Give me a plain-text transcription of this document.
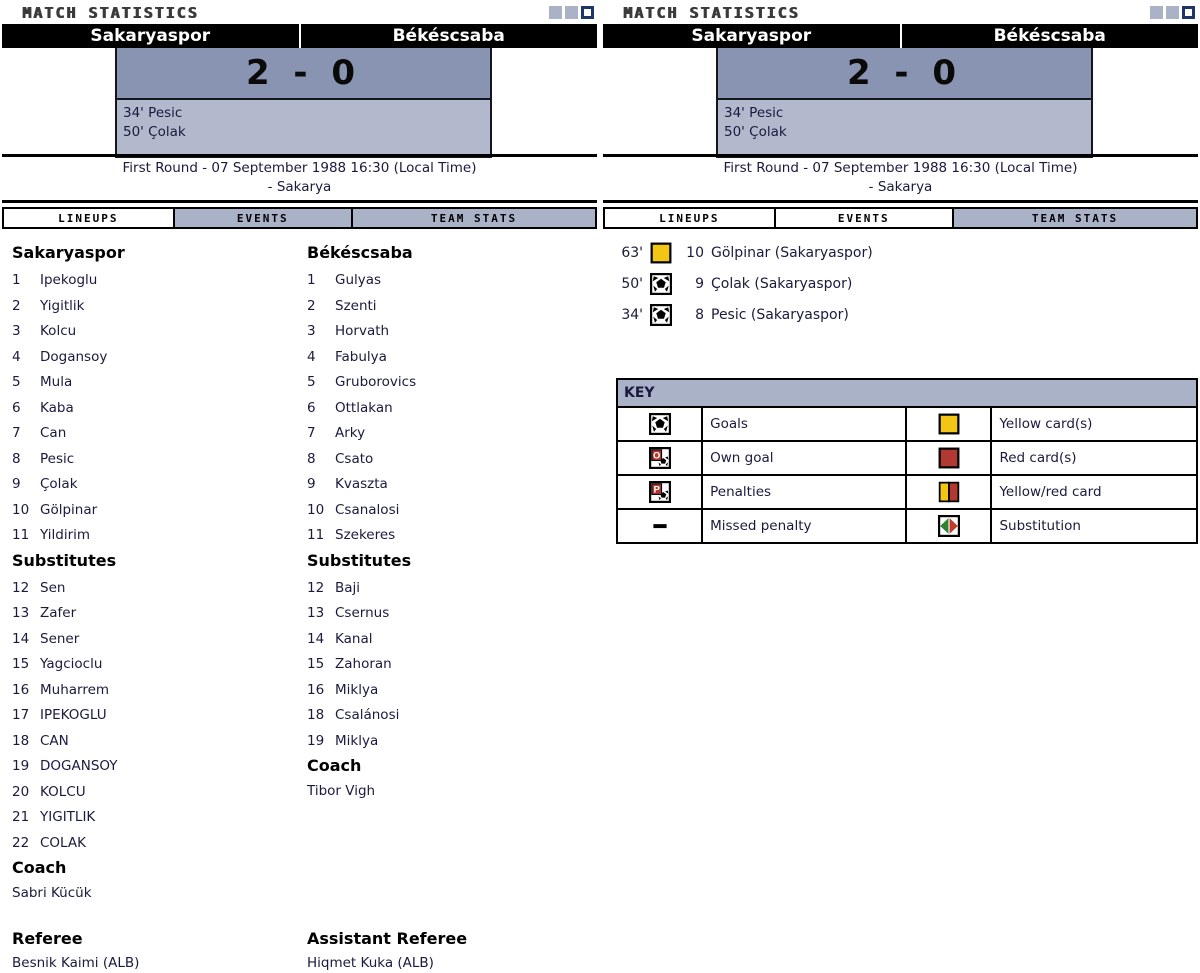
MATCH STATISTICS
Sakaryaspor	Békéscsaba
2 - 0
34' Pesic
50' Çolak
First Round - 07 September 1988 16:30 (Local Time)
- Sakarya
LINEUPS	EVENTS	TEAM STATS
Sakaryaspor
1	Ipekoglu
2	Yigitlik
3	Kolcu
4	Dogansoy
5	Mula
6	Kaba
7	Can
8	Pesic
9	Çolak
10 Gölpinar
11 Yildirim
Substitutes
12 Sen
13 Zafer
14 Sener
15 Yagcioclu
16 Muharrem
17 IPEKOGLU
18 CAN
19 DOGANSOY
20 KOLCU
21 YIGITLIK
22 COLAK
Coach
Sabri Kücük
Békéscsaba
1	Gulyas
2	Szenti
3	Horvath
4	Fabulya
5	Gruborovics
6	Ottlakan
7	Arky
8	Csato
9	Kvaszta
10 Csanalosi
11 Szekeres
Substitutes
12 Baji
13 Csernus
14 Kanal
15 Zahoran
16 Miklya
18 Csalánosi
19 Miklya
Coach
Tibor Vigh
Referee
Besnik Kaimi (ALB)
Assistant Referee
Hiqmet Kuka (ALB)
MATCH STATISTICS
Sakaryaspor	Békéscsaba
2 - 0
34' Pesic
50' Çolak
First Round - 07 September 1988 16:30 (Local Time)
- Sakarya
LINEUPS	EVENTS	TEAM STATS
63'	10 Gölpinar (Sakaryaspor)
50'	9 Çolak (Sakaryaspor)
34'	8 Pesic (Sakaryaspor)
KEY			

	Goals		Yellow card(s)

O	Own goal		Red card(s)

P	Penalties		Yellow/red card

	Missed penalty		Substitution
